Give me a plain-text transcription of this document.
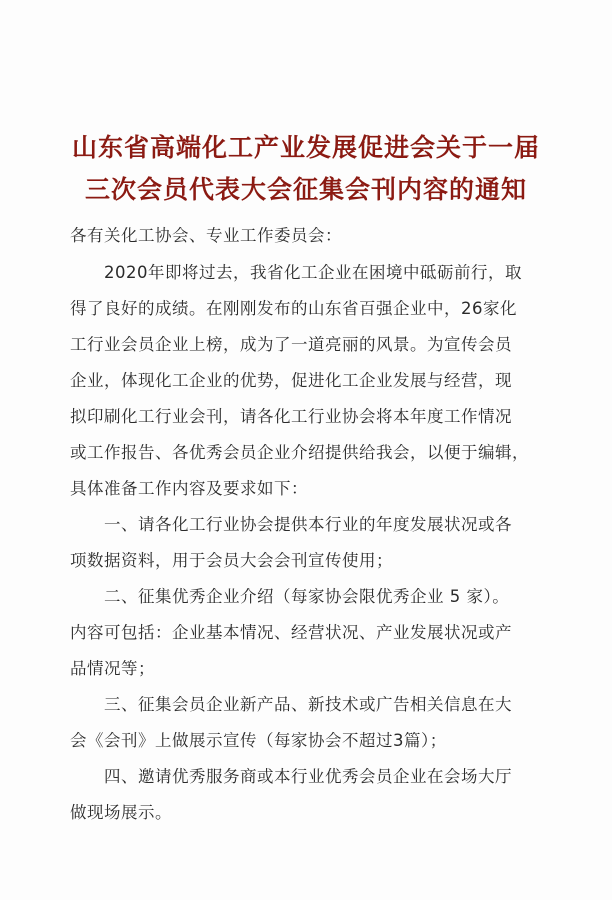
山东省高端化工产业发展促进会关于一届
三次会员代表大会征集会刊内容的通知
各有关化工协会、专业工作委员会：
2020年即将过去，我省化工企业在困境中砥砺前行，取
得了良好的成绩。在刚刚发布的山东省百强企业中，26家化
工行业会员企业上榜，成为了一道亮丽的风景。为宣传会员
企业，体现化工企业的优势，促进化工企业发展与经营，现
拟印刷化工行业会刊，请各化工行业协会将本年度工作情况
或工作报告、各优秀会员企业介绍提供给我会，以便于编辑，
具体准备工作内容及要求如下：
一、请各化工行业协会提供本行业的年度发展状况或各
项数据资料，用于会员大会会刊宣传使用；
二、征集优秀企业介绍（每家协会限优秀企业 5 家）。
内容可包括：企业基本情况、经营状况、产业发展状况或产
品情况等；
三、征集会员企业新产品、新技术或广告相关信息在大
会《会刊》上做展示宣传（每家协会不超过3篇）；
四、邀请优秀服务商或本行业优秀会员企业在会场大厅
做现场展示。
